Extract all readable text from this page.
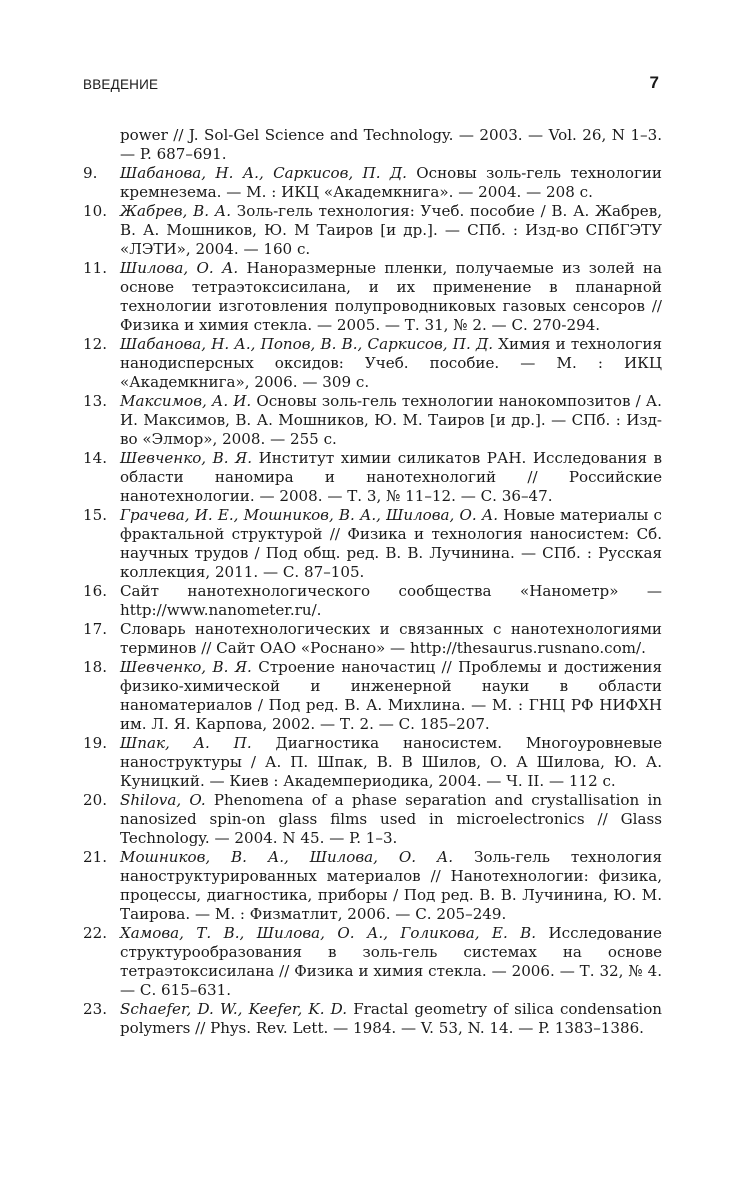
ВВЕДЕНИЕ	7
power // J. Sol-Gel Science and Technology. — 2003. — Vol. 26, N 1–3. — P. 687–691.
9.	Шабанова, Н. А., Саркисов, П. Д. Основы золь-гель технологии кремнезема. — М. : ИКЦ «Академкнига». — 2004. — 208 с.
10. Жабрев, В. А. Золь-гель технология: Учеб. пособие / В. А. Жабрев, В. А. Мошников, Ю. М Таиров [и др.]. — СПб. : Изд-во СПбГЭТУ «ЛЭТИ», 2004. — 160 с.
11. Шилова, О. А. Наноразмерные пленки, получаемые из золей на основе тетраэтоксисилана, и их применение в планарной технологии изготовления полупроводниковых газовых сенсоров // Физика и химия стекла. — 2005. — Т. 31, № 2. — С. 270-294.
12. Шабанова, Н. А., Попов, В. В., Саркисов, П. Д. Химия и технология нанодисперсных оксидов: Учеб. пособие. — М. : ИКЦ «Академкнига», 2006. — 309 с.
13. Максимов, А. И. Основы золь-гель технологии нанокомпозитов / А. И. Максимов, В. А. Мошников, Ю. М. Таиров [и др.]. — СПб. : Изд-во «Элмор», 2008. — 255 с.
14. Шевченко, В. Я. Институт химии силикатов РАН. Исследования в области наномира и нанотехнологий // Российские нанотехнологии. — 2008. — Т. 3, № 11–12. — С. 36–47.
15. Грачева, И. Е., Мошников, В. А., Шилова, О. А. Новые материалы с фрактальной структурой // Физика и технология наносистем: Сб. научных трудов / Под общ. ред. В. В. Лучинина. — СПб. : Русская коллекция, 2011. — С. 87–105.
16. Сайт нанотехнологического сообщества «Нанометр» — http://www.nanometer.ru/.
17. Словарь нанотехнологических и связанных с нанотехнологиями терминов // Сайт ОАО «Роснано» — http://thesaurus.rusnano.com/.
18. Шевченко, В. Я. Строение наночастиц // Проблемы и достижения физико-химической и инженерной науки в области наноматериалов / Под ред. В. А. Михлина. — М. : ГНЦ РФ НИФХН им. Л. Я. Карпова, 2002. — Т. 2. — С. 185–207.
19. Шпак, А. П. Диагностика наносистем. Многоуровневые наноструктуры / А. П. Шпак, В. В Шилов, О. А Шилова, Ю. А. Куницкий. — Киев : Академпериодика, 2004. — Ч. II. — 112 с.
20. Shilova, O. Phenomena of a phase separation and crystallisation in nanosized spin-on glass films used in microelectronics // Glass Technology. — 2004. N 45. — P. 1–3.
21. Мошников, В. А., Шилова, О. А. Золь-гель технология наноструктурированных материалов // Нанотехнологии: физика, процессы, диагностика, приборы / Под ред. В. В. Лучинина, Ю. М. Таирова. — М. : Физматлит, 2006. — С. 205–249.
22. Хамова, Т. В., Шилова, О. А., Голикова, Е. В. Исследование структурообразования в золь-гель системах на основе тетраэтоксисилана // Физика и химия стекла. — 2006. — Т. 32, № 4. — С. 615–631.
23. Schaefer, D. W., Keefer, K. D. Fractal geometry of silica condensation polymers // Phys. Rev. Lett. — 1984. — V. 53, N. 14. — P. 1383–1386.
